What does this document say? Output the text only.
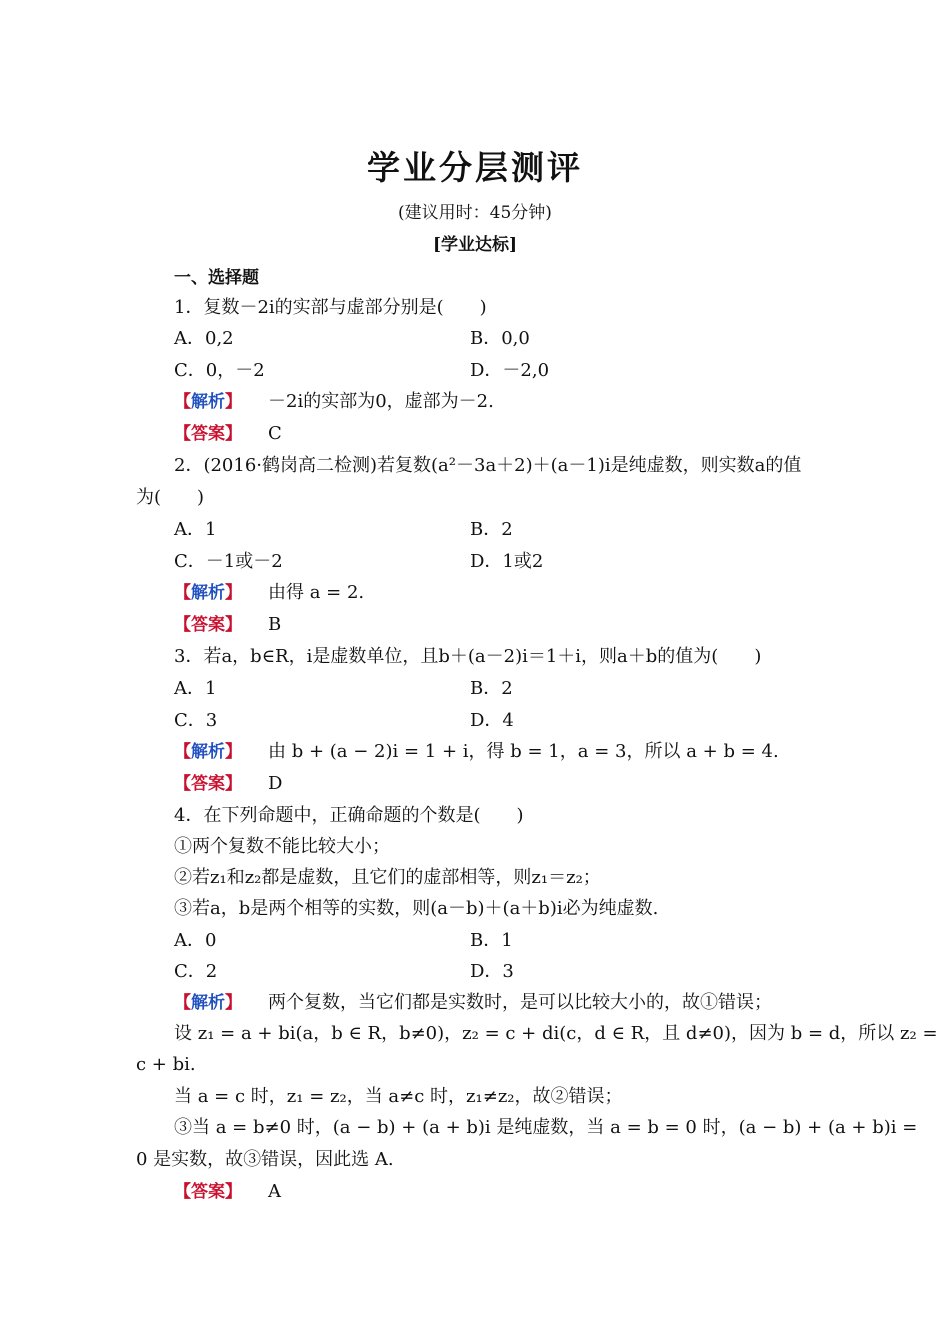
学业分层测评
(建议用时：45分钟)
[学业达标]
一、选择题
1．复数－2i的实部与虚部分别是(　　)
A．0,2	B．0,0
C．0，－2	D．－2,0
【解析】 －2i的实部为0，虚部为－2.
【答案】 C
2．(2016·鹤岗高二检测)若复数(a²－3a＋2)＋(a－1)i是纯虚数，则实数a的值
为(　　)
A．1	B．2
C．－1或－2	D．1或2
【解析】 由得 a = 2.
【答案】 B
3．若a，b∈R，i是虚数单位，且b＋(a－2)i＝1＋i，则a＋b的值为(　　)
A．1	B．2
C．3	D．4
【解析】 由 b + (a − 2)i = 1 + i，得 b = 1，a = 3，所以 a + b = 4.
【答案】 D
4．在下列命题中，正确命题的个数是(　　)
①两个复数不能比较大小；
②若z₁和z₂都是虚数，且它们的虚部相等，则z₁＝z₂；
③若a，b是两个相等的实数，则(a－b)＋(a＋b)i必为纯虚数.
A．0	B．1
C．2	D．3
【解析】 两个复数，当它们都是实数时，是可以比较大小的，故①错误；
设 z₁ = a + bi(a，b ∈ R，b≠0)，z₂ = c + di(c，d ∈ R，且 d≠0)，因为 b = d，所以 z₂ =
c + bi.
当 a = c 时，z₁ = z₂，当 a≠c 时，z₁≠z₂，故②错误；
③当 a = b≠0 时，(a − b) + (a + b)i 是纯虚数，当 a = b = 0 时，(a − b) + (a + b)i =
0 是实数，故③错误，因此选 A.
【答案】 A
